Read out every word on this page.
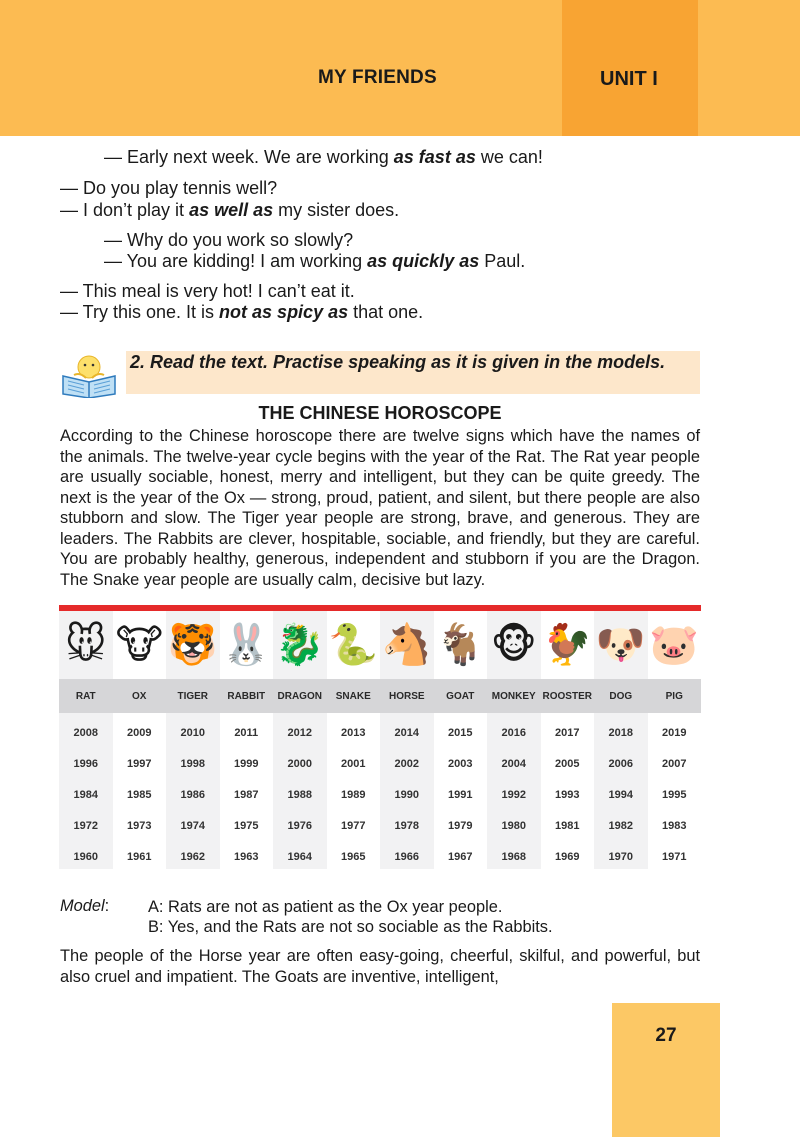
MY FRIENDS	UNIT I
— Early next week. We are working as fast as we can!
— Do you play tennis well?
— I don’t play it as well as my sister does.
— Why do you work so slowly?
— You are kidding! I am working as quickly as Paul.
— This meal is very hot! I can’t eat it.
— Try this one. It is not as spicy as that one.
2. Read the text. Practise speaking as it is given in the models.
THE CHINESE HOROSCOPE
According to the Chinese horoscope there are twelve signs which have the names of the animals. The twelve-year cycle begins with the year of the Rat. The Rat year people are usually sociable, honest, merry and intelligent, but they can be quite greedy. The next is the year of the Ox — strong, proud, patient, and silent, but there people are also stubborn and slow. The Tiger year people are strong, brave, and generous. They are leaders. The Rabbits are clever, hospitable, sociable, and friendly, but they are careful. You are probably healthy, generous, independent and stubborn if you are the Dragon. The Snake year people are usually calm, decisive but lazy.
🐭
RAT
2008
1996
1984
1972
1960
🐮
OX
2009
1997
1985
1973
1961
🐯
TIGER
2010
1998
1986
1974
1962
🐰
RABBIT
2011
1999
1987
1975
1963
🐉
DRAGON
2012
2000
1988
1976
1964
🐍
SNAKE
2013
2001
1989
1977
1965
🐴
HORSE
2014
2002
1990
1978
1966
🐐
GOAT
2015
2003
1991
1979
1967
🐵
MONKEY
2016
2004
1992
1980
1968
🐓
ROOSTER
2017
2005
1993
1981
1969
🐶
DOG
2018
2006
1994
1982
1970
🐷
PIG
2019
2007
1995
1983
1971
Model: A: Rats are not as patient as the Ox year people.
B: Yes, and the Rats are not so sociable as the Rabbits.
The people of the Horse year are often easy-going, cheerful, skilful, and powerful, but also cruel and impatient. The Goats are inventive, intelligent,
27
